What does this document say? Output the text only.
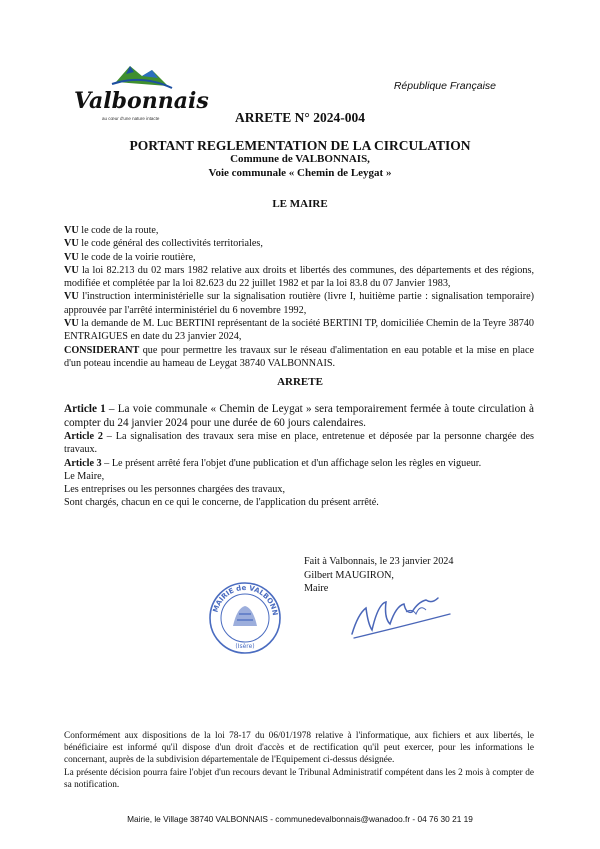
Valbonnais
au cœur d'une nature intacte
République Française
ARRETE N° 2024-004
PORTANT REGLEMENTATION DE LA CIRCULATION
Commune de VALBONNAIS,
Voie communale « Chemin de Leygat »
LE MAIRE

VU le code de la route,

VU le code général des collectivités territoriales,

VU le code de la voirie routière,

VU la loi 82.213 du 02 mars 1982 relative aux droits et libertés des communes, des départements et des régions, modifiée et complétée par la loi 82.623 du 22 juillet 1982 et par la loi 83.8 du 07 Janvier 1983,

VU l'instruction interministérielle sur la signalisation routière (livre I, huitième partie : signalisation temporaire) approuvée par l'arrêté interministériel du 6 novembre 1992,

VU la demande de M. Luc BERTINI représentant de la société BERTINI TP, domiciliée Chemin de la Teyre 38740 ENTRAIGUES en date du 23 janvier 2024,

CONSIDERANT que pour permettre les travaux sur le réseau d'alimentation en eau potable et la mise en place d'un poteau incendie au hameau de Leygat 38740 VALBONNAIS.

ARRETE

Article 1 – La voie communale « Chemin de Leygat » sera temporairement fermée à toute circulation à compter du 24 janvier 2024 pour une durée de 60 jours calendaires.

Article 2 – La signalisation des travaux sera mise en place, entretenue et déposée par la personne chargée des travaux.

Article 3 – Le présent arrêté fera l'objet d'une publication et d'un affichage selon les règles en vigueur.

Le Maire,

Les entreprises ou les personnes chargées des travaux,

Sont chargés, chacun en ce qui le concerne, de l'application du présent arrêté.

Fait à Valbonnais, le 23 janvier 2024

Gilbert MAUGIRON,

Maire

MAIRIE de VALBONN
(Isère)

Conformément aux dispositions de la loi 78-17 du 06/01/1978 relative à l'informatique, aux fichiers et aux libertés, le bénéficiaire est informé qu'il dispose d'un droit d'accès et de rectification qu'il peut exercer, pour les informations le concernant, auprès de la subdivision départementale de l'Equipement ci-dessus désignée.

La présente décision pourra faire l'objet d'un recours devant le Tribunal Administratif compétent dans les 2 mois à compter de sa notification.

Mairie, le Village 38740 VALBONNAIS - communedevalbonnais@wanadoo.fr - 04 76 30 21 19
